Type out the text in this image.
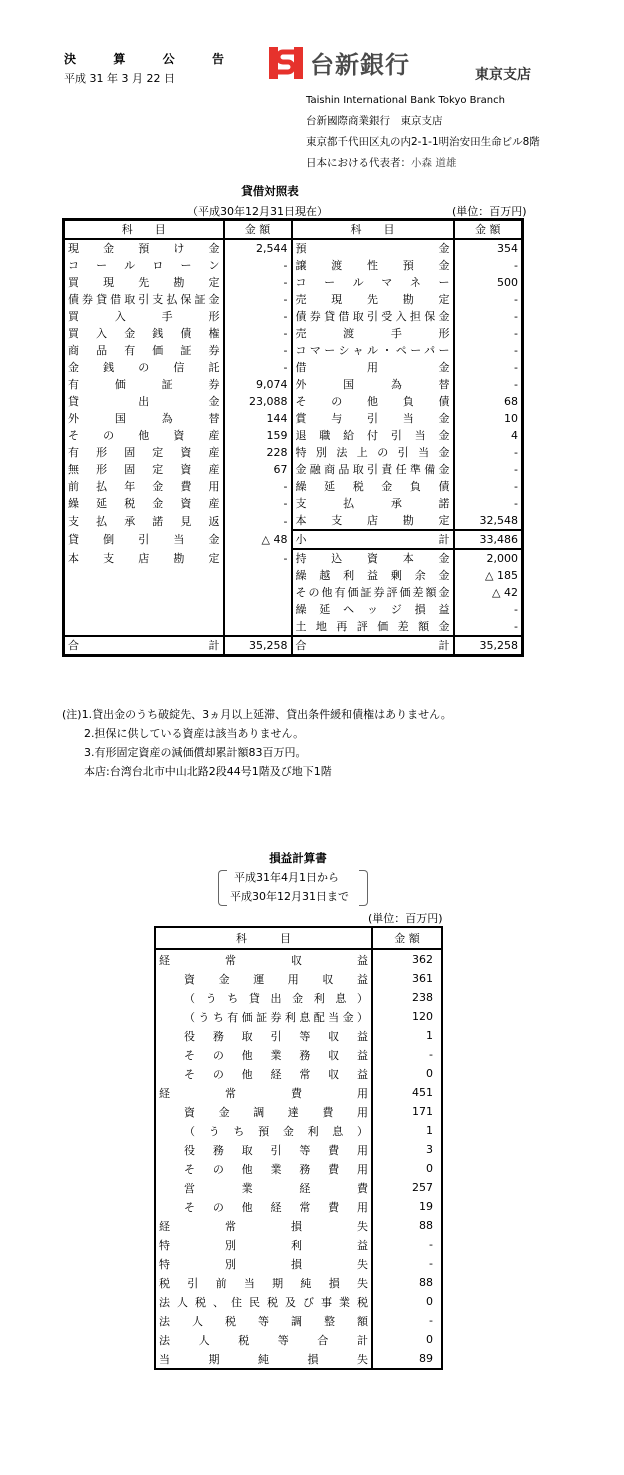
決	算	公	告
平成 31 年 3 月 22 日	台新銀行	東京支店
Taishin International Bank Tokyo Branch
台新國際商業銀行　東京支店
東京都千代田区丸の内2-1-1明治安田生命ビル8階
日本における代表者：小森 道雄
貸借対照表
（平成30年12月31日現在）	(単位：百万円)
科　　目	金 額	科　　目	金 額
現金預け金	2,544	預金	354
コールローン	-	譲渡性預金	-
買現先勘定	-	コールマネー	500
債券貸借取引支払保証金	-	売現先勘定	-
買入手形	-	債券貸借取引受入担保金	-
買入金銭債権	-	売渡手形	-
商品有価証券	-	コマーシャル・ペーパー	-
金銭の信託	-	借用金	-
有価証券	9,074	外国為替	-
貸出金	23,088	その他負債	68
外国為替	144	賞与引当金	10
その他資産	159	退職給付引当金	4
有形固定資産	228	特別法上の引当金	-
無形固定資産	67	金融商品取引責任準備金	-
前払年金費用	-	繰延税金負債	-
繰延税金資産	-	支払承諾	-
支払承諾見返	-	本支店勘定	32,548
貸倒引当金	△ 48	小計	33,486
本支店勘定	-	持込資本金	2,000
		繰越利益剰余金	△ 185
		その他有価証券評価差額金	△ 42
		繰延ヘッジ損益	-
		土地再評価差額金	-
合計	35,258	合計	35,258
(注)1.貸出金のうち破綻先、3ヵ月以上延滞、貸出条件緩和債権はありません。
2.担保に供している資産は該当ありません。
3.有形固定資産の減価償却累計額83百万円。
本店:台湾台北市中山北路2段44号1階及び地下1階
損益計算書
平成31年4月1日から
平成30年12月31日まで
(単位：百万円)
科　　　目	金 額

経常収益	362

資金運用収益	361

（うち貸出金利息）	238

（うち有価証券利息配当金）	120

役務取引等収益	1

その他業務収益	-

その他経常収益	0

経常費用	451

資金調達費用	171

（うち預金利息）	1

役務取引等費用	3

その他業務費用	0

営業経費	257

その他経常費用	19

経常損失	88

特別利益	-

特別損失	-

税引前当期純損失	88

法人税、住民税及び事業税	0

法人税等調整額	-

法人税等合計	0

当期純損失	89
